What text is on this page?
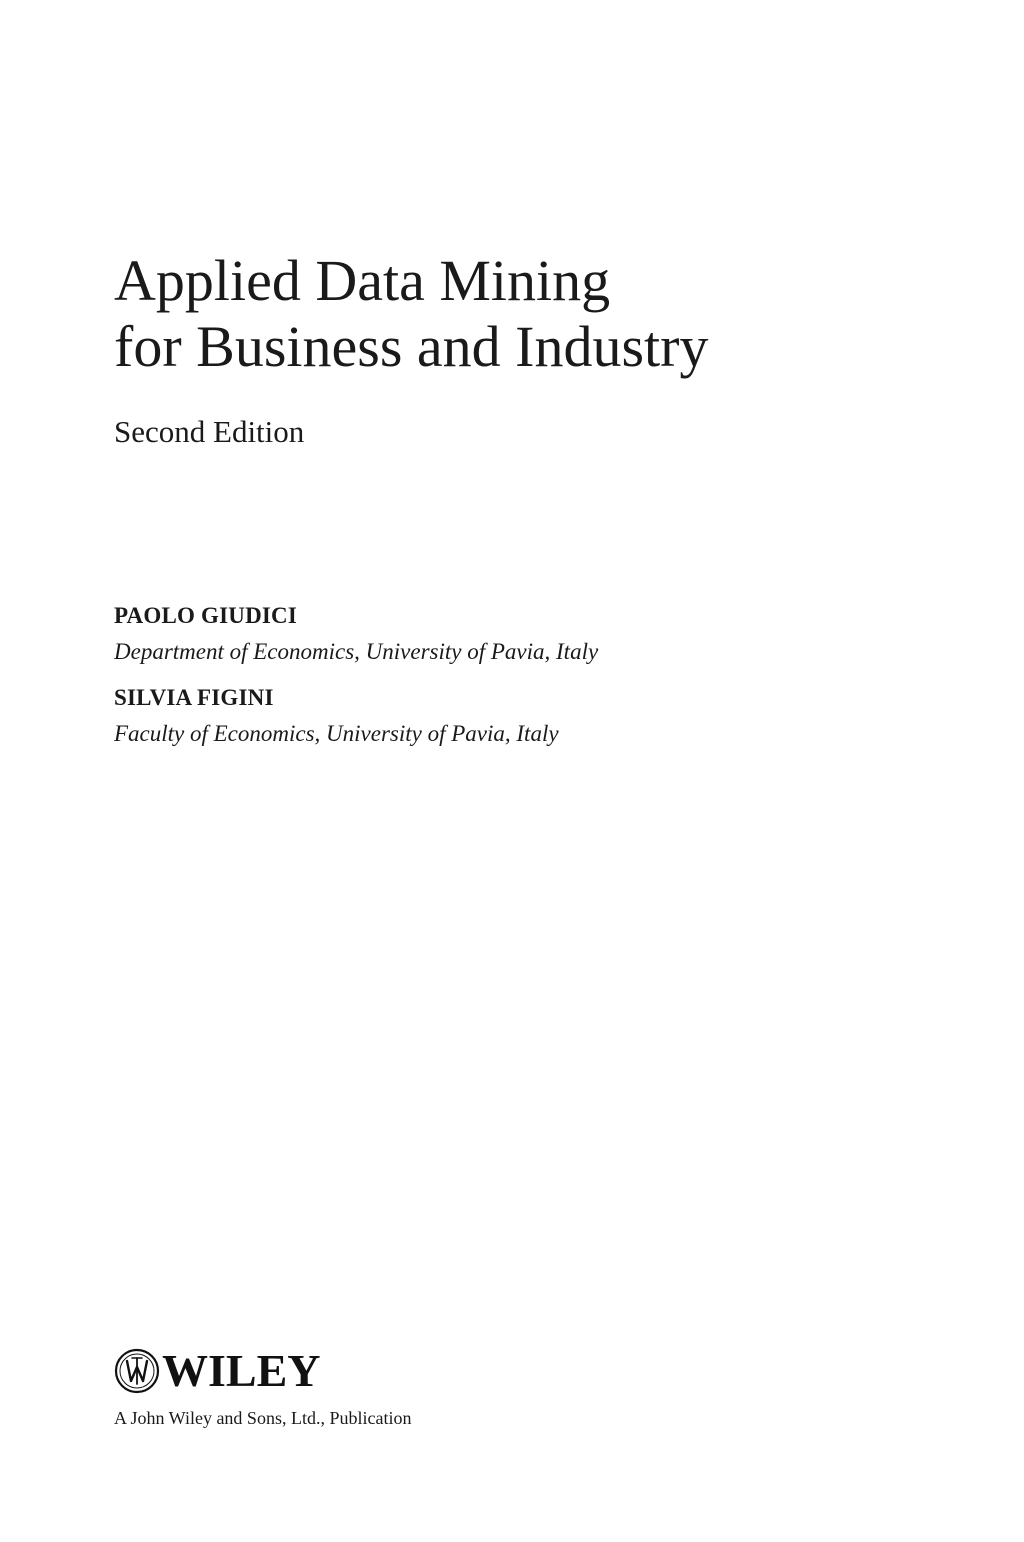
Applied Data Mining
for Business and Industry
Second Edition
PAOLO GIUDICI
Department of Economics, University of Pavia, Italy
SILVIA FIGINI
Faculty of Economics, University of Pavia, Italy
WILEY
A John Wiley and Sons, Ltd., Publication
